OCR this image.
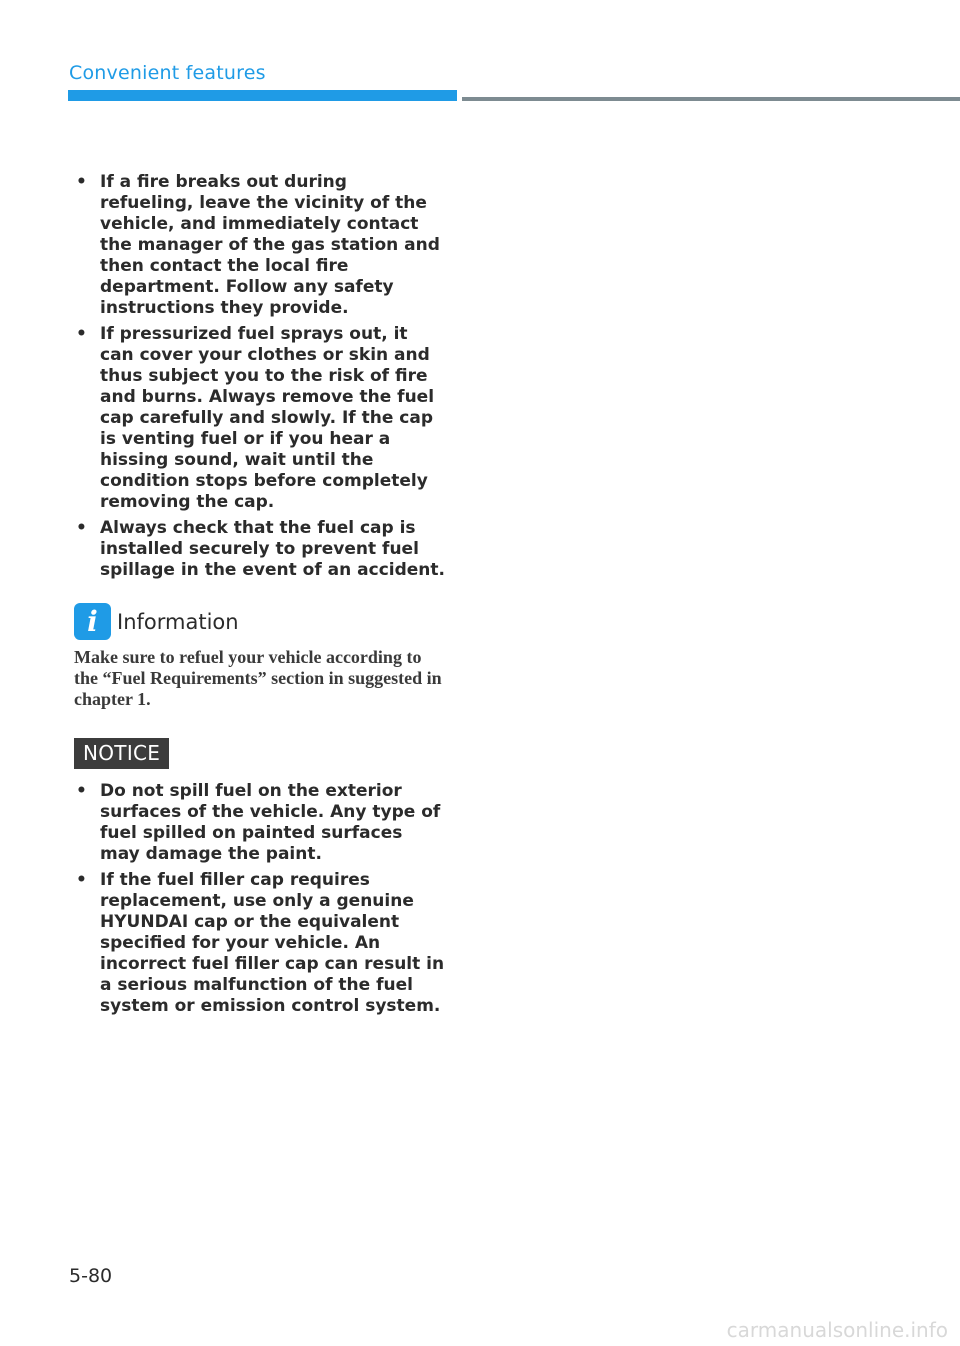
Convenient features
• If a fire breaks out during refueling, leave the vicinity of the vehicle, and immediately contact the manager of the gas station and then contact the local fire department. Follow any safety instructions they provide.
• If pressurized fuel sprays out, it can cover your clothes or skin and thus subject you to the risk of fire and burns. Always remove the fuel cap carefully and slowly. If the cap is venting fuel or if you hear a hissing sound, wait until the condition stops before completely removing the cap.
• Always check that the fuel cap is installed securely to prevent fuel spillage in the event of an accident.
i Information
Make sure to refuel your vehicle according to the “Fuel Requirements” section in suggested in chapter 1.
NOTICE
• Do not spill fuel on the exterior surfaces of the vehicle. Any type of fuel spilled on painted surfaces may damage the paint.
• If the fuel filler cap requires replacement, use only a genuine HYUNDAI cap or the equivalent specified for your vehicle. An incorrect fuel filler cap can result in a serious malfunction of the fuel system or emission control system.
5-80
carmanualsonline.info
